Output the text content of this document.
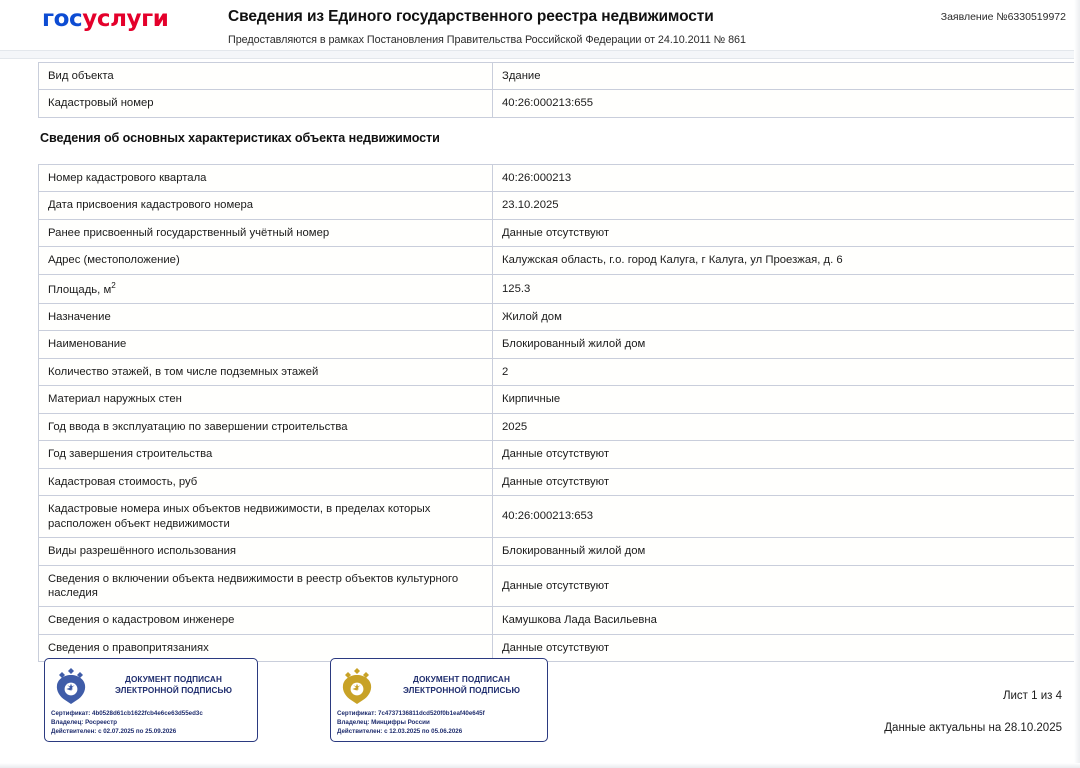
госуслуги	Сведения из Единого государственного реестра недвижимости
Предоставляются в рамках Постановления Правительства Российской Федерации от 24.10.2011 № 861
Заявление №6330519972
Вид объекта	Здание
Кадастровый номер	40:26:000213:655
Сведения об основных характеристиках объекта недвижимости
Номер кадастрового квартала	40:26:000213
Дата присвоения кадастрового номера	23.10.2025
Ранее присвоенный государственный учётный номер	Данные отсутствуют
Адрес (местоположение)	Калужская область, г.о. город Калуга, г Калуга, ул Проезжая, д. 6
Площадь, $м^2$	125.3
Назначение	Жилой дом
Наименование	Блокированный жилой дом
Количество этажей, в том числе подземных этажей	2
Материал наружных стен	Кирпичные
Год ввода в эксплуатацию по завершении строительства	2025
Год завершения строительства	Данные отсутствуют
Кадастровая стоимость, руб	Данные отсутствуют
Кадастровые номера иных объектов недвижимости, в пределах которых расположен объект недвижимости	40:26:000213:653
Виды разрешённого использования	Блокированный жилой дом
Сведения о включении объекта недвижимости в реестр объектов культурного наследия	Данные отсутствуют
Сведения о кадастровом инженере	Камушкова Лада Васильевна
Сведения о правопритязаниях	Данные отсутствуют
ДОКУМЕНТ ПОДПИСАН ЭЛЕКТРОННОЙ ПОДПИСЬЮ
Сертификат: 4b0528d61cb1622fcb4e6ce63d55ed3c
Владелец: Росреестр
Действителен: с 02.07.2025 по 25.09.2026
ДОКУМЕНТ ПОДПИСАН ЭЛЕКТРОННОЙ ПОДПИСЬЮ
Сертификат: 7c4737136811dcd520f0b1eaf40e645f
Владелец: Минцифры России
Действителен: с 12.03.2025 по 05.06.2026
Лист 1 из 4
Данные актуальны на 28.10.2025
